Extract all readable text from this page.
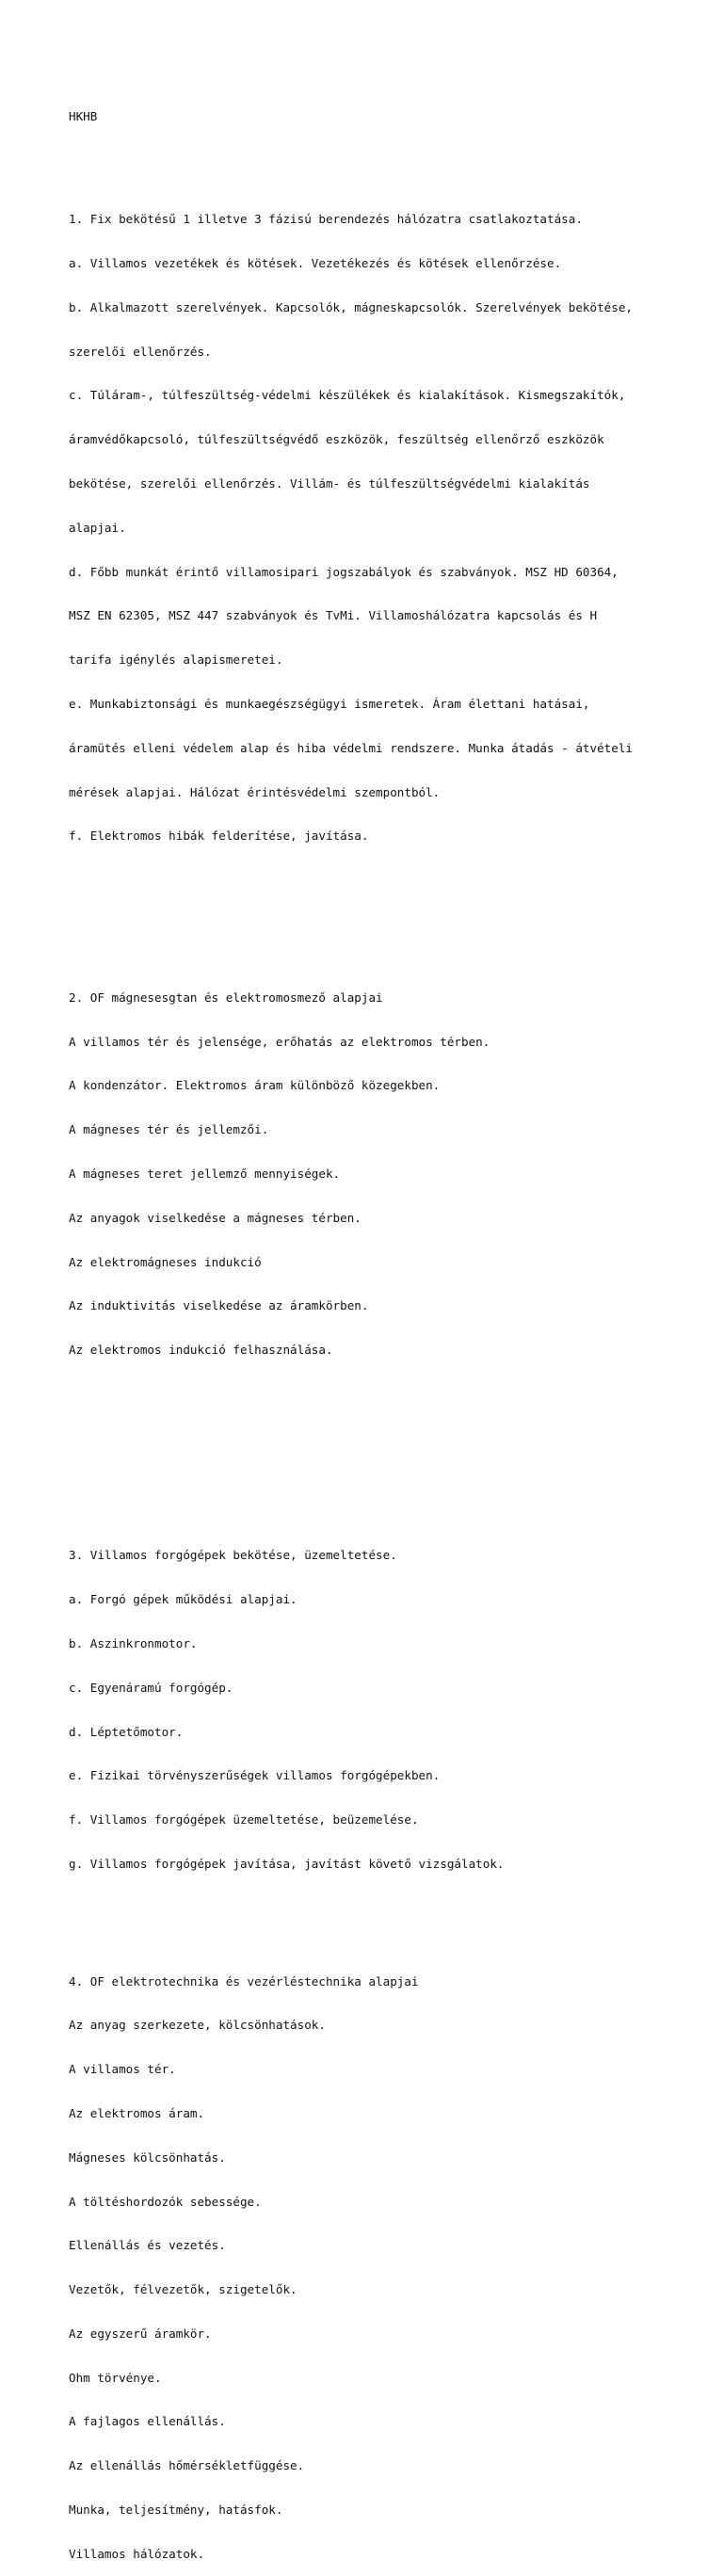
HKHB

1. Fix bekötésű 1 illetve 3 fázisú berendezés hálózatra csatlakoztatása.

a. Villamos vezetékek és kötések. Vezetékezés és kötések ellenőrzése.

b. Alkalmazott szerelvények. Kapcsolók, mágneskapcsolók. Szerelvények bekötése,

szerelői ellenőrzés.

c. Túláram-, túlfeszültség-védelmi készülékek és kialakítások. Kismegszakítók,

áramvédőkapcsoló, túlfeszültségvédő eszközök, feszültség ellenőrző eszközök

bekötése, szerelői ellenőrzés. Villám- és túlfeszültségvédelmi kialakítás

alapjai.

d. Főbb munkát érintő villamosipari jogszabályok és szabványok. MSZ HD 60364,

MSZ EN 62305, MSZ 447 szabványok és TvMi. Villamoshálózatra kapcsolás és H

tarifa igénylés alapismeretei.

e. Munkabiztonsági és munkaegészségügyi ismeretek. Áram élettani hatásai,

áramütés elleni védelem alap és hiba védelmi rendszere. Munka átadás - átvételi

mérések alapjai. Hálózat érintésvédelmi szempontból.

f. Elektromos hibák felderítése, javítása.

2. OF mágnesesgtan és elektromosmező alapjai

A villamos tér és jelensége, erőhatás az elektromos térben.

A kondenzátor. Elektromos áram különböző közegekben.

A mágneses tér és jellemzői.

A mágneses teret jellemző mennyiségek.

Az anyagok viselkedése a mágneses térben.

Az elektromágneses indukció

Az induktivitás viselkedése az áramkörben.

Az elektromos indukció felhasználása.

3. Villamos forgógépek bekötése, üzemeltetése.

a. Forgó gépek működési alapjai.

b. Aszinkronmotor.

c. Egyenáramú forgógép.

d. Léptetőmotor.

e. Fizikai törvényszerűségek villamos forgógépekben.

f. Villamos forgógépek üzemeltetése, beüzemelése.

g. Villamos forgógépek javítása, javítást követő vizsgálatok.

4. OF elektrotechnika és vezérléstechnika alapjai

Az anyag szerkezete, kölcsönhatások.

A villamos tér.

Az elektromos áram.

Mágneses kölcsönhatás.

A töltéshordozók sebessége.

Ellenállás és vezetés.

Vezetők, félvezetők, szigetelők.

Az egyszerű áramkör.

Ohm törvénye.

A fajlagos ellenállás.

Az ellenállás hőmérsékletfüggése.

Munka, teljesítmény, hatásfok.

Villamos hálózatok.
